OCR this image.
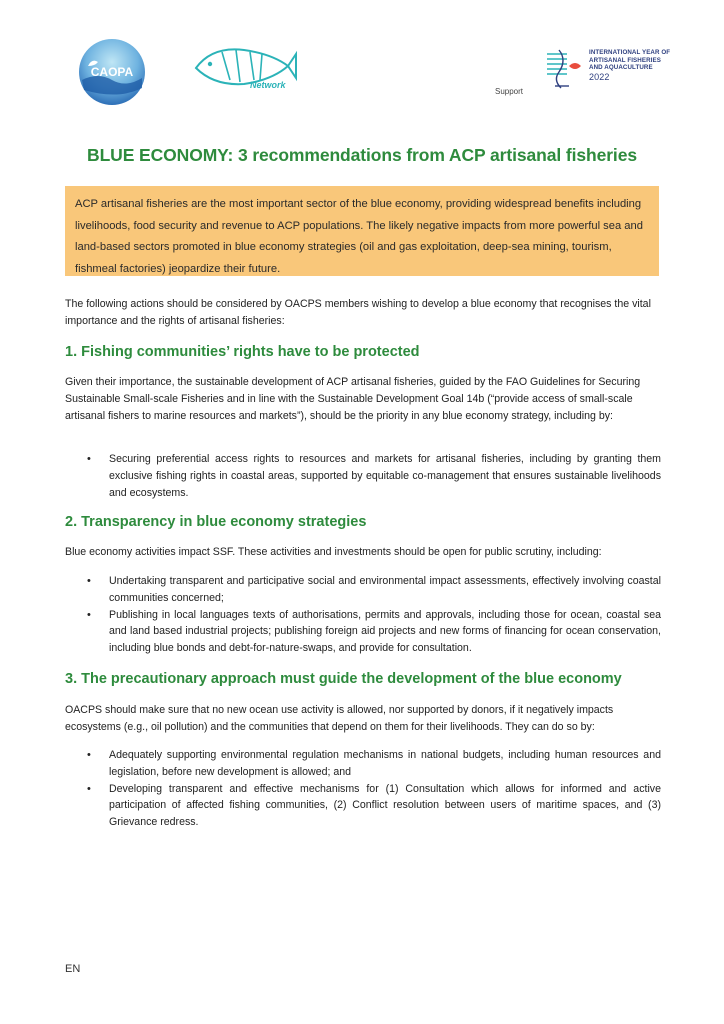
CAOPA
Network
Support
INTERNATIONAL YEAR OF
ARTISANAL FISHERIES
AND AQUACULTURE
2022
BLUE ECONOMY: 3 recommendations from ACP artisanal fisheries
ACP artisanal fisheries are the most important sector of the blue economy, providing widespread benefits including livelihoods, food security and revenue to ACP populations. The likely negative impacts from more powerful sea and land-based sectors promoted in blue economy strategies (oil and gas exploitation, deep-sea mining, tourism, fishmeal factories) jeopardize their future.

The following actions should be considered by OACPS members wishing to develop a blue economy that recognises the vital importance and the rights of artisanal fisheries:

1. Fishing communities’ rights have to be protected

Given their importance, the sustainable development of ACP artisanal fisheries, guided by the FAO Guidelines for Securing Sustainable Small-scale Fisheries and in line with the Sustainable Development Goal 14b (“provide access of small-scale artisanal fishers to marine resources and markets”), should be the priority in any blue economy strategy, including by:

• Securing preferential access rights to resources and markets for artisanal fisheries, including by granting them exclusive fishing rights in coastal areas, supported by equitable co-management that ensures sustainable livelihoods and ecosystems.
2. Transparency in blue economy strategies

Blue economy activities impact SSF. These activities and investments should be open for public scrutiny, including:

• Undertaking transparent and participative social and environmental impact assessments, effectively involving coastal communities concerned;
• Publishing in local languages texts of authorisations, permits and approvals, including those for ocean, coastal sea and land based industrial projects; publishing foreign aid projects and new forms of financing for ocean conservation, including blue bonds and debt-for-nature-swaps, and provide for consultation.
3. The precautionary approach must guide the development of the blue economy

OACPS should make sure that no new ocean use activity is allowed, nor supported by donors, if it negatively impacts ecosystems (e.g., oil pollution) and the communities that depend on them for their livelihoods. They can do so by:

• Adequately supporting environmental regulation mechanisms in national budgets, including human resources and legislation, before new development is allowed; and
• Developing transparent and effective mechanisms for (1) Consultation which allows for informed and active participation of affected fishing communities, (2) Conflict resolution between users of maritime spaces, and (3) Grievance redress.
EN
